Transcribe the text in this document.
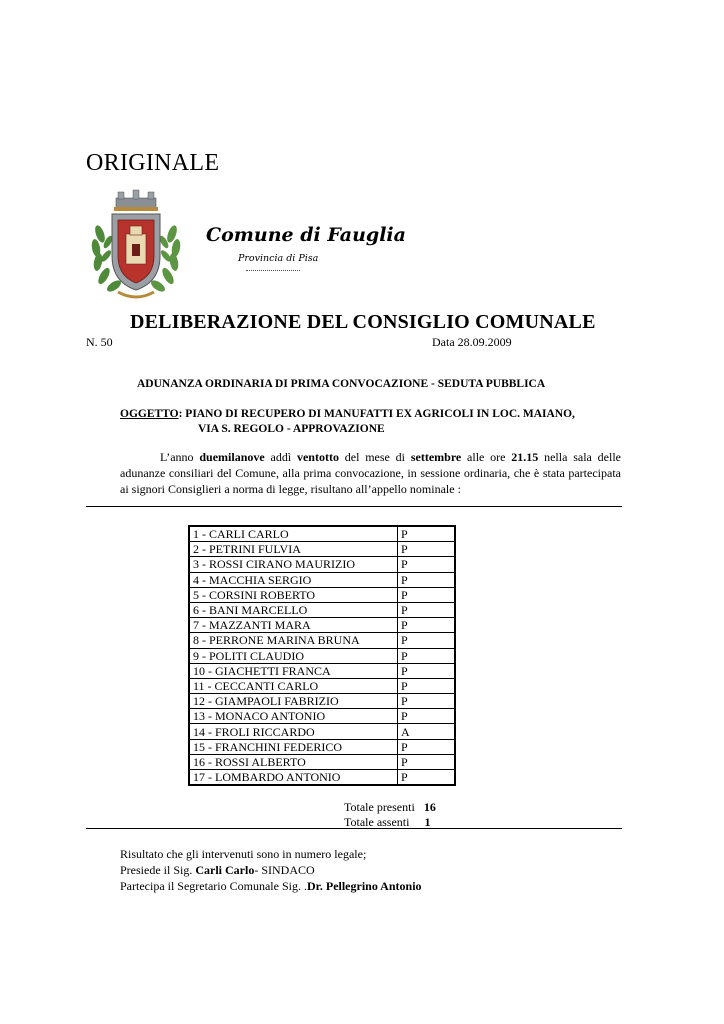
ORIGINALE
Comune di Fauglia
Provincia di Pisa
DELIBERAZIONE DEL CONSIGLIO COMUNALE
N. 50	Data 28.09.2009
ADUNANZA ORDINARIA DI PRIMA CONVOCAZIONE - SEDUTA PUBBLICA
OGGETTO: PIANO DI RECUPERO DI MANUFATTI EX AGRICOLI IN LOC. MAIANO,
VIA S. REGOLO - APPROVAZIONE
L’anno duemilanove addì ventotto del mese di settembre alle ore 21.15 nella sala delle adunanze consiliari del Comune, alla prima convocazione, in sessione ordinaria, che è stata partecipata ai signori Consiglieri a norma di legge, risultano all’appello nominale :
1 - CARLI CARLO	P
2 - PETRINI FULVIA	P
3 - ROSSI CIRANO MAURIZIO	P
4 - MACCHIA SERGIO	P
5 - CORSINI ROBERTO	P
6 - BANI MARCELLO	P
7 - MAZZANTI MARA	P
8 - PERRONE MARINA BRUNA	P
9 - POLITI CLAUDIO	P
10 - GIACHETTI FRANCA	P
11 - CECCANTI CARLO	P
12 - GIAMPAOLI FABRIZIO	P
13 - MONACO ANTONIO	P
14 - FROLI RICCARDO	A
15 - FRANCHINI FEDERICO	P
16 - ROSSI ALBERTO	P
17 - LOMBARDO ANTONIO	P
Totale presenti 16
Totale assenti 1
Risultato che gli intervenuti sono in numero legale;
Presiede il Sig. Carli Carlo- SINDACO
Partecipa il Segretario Comunale Sig. .Dr. Pellegrino Antonio
